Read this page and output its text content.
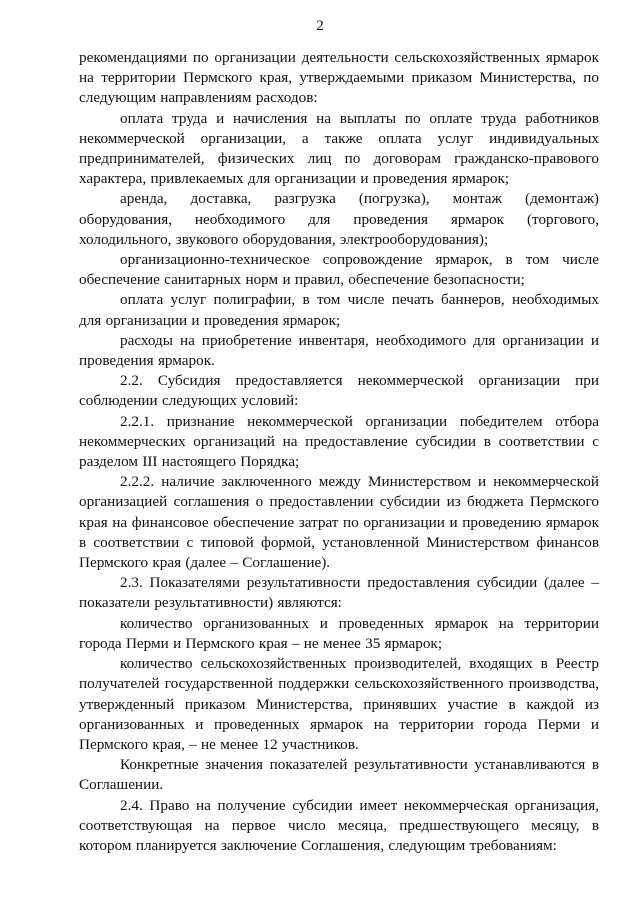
2

рекомендациями по организации деятельности сельскохозяйственных ярмарок на территории Пермского края, утверждаемыми приказом Министерства, по следующим направлениям расходов:

оплата труда и начисления на выплаты по оплате труда работников некоммерческой организации, а также оплата услуг индивидуальных предпринимателей, физических лиц по договорам гражданско-правового характера, привлекаемых для организации и проведения ярмарок;

аренда, доставка, разгрузка (погрузка), монтаж (демонтаж) оборудования, необходимого для проведения ярмарок (торгового, холодильного, звукового оборудования, электрооборудования);

организационно-техническое сопровождение ярмарок, в том числе обеспечение санитарных норм и правил, обеспечение безопасности;

оплата услуг полиграфии, в том числе печать баннеров, необходимых для организации и проведения ярмарок;

расходы на приобретение инвентаря, необходимого для организации и проведения ярмарок.

2.2. Субсидия предоставляется некоммерческой организации при соблюдении следующих условий:

2.2.1. признание некоммерческой организации победителем отбора некоммерческих организаций на предоставление субсидии в соответствии с разделом III настоящего Порядка;

2.2.2. наличие заключенного между Министерством и некоммерческой организацией соглашения о предоставлении субсидии из бюджета Пермского края на финансовое обеспечение затрат по организации и проведению ярмарок в соответствии с типовой формой, установленной Министерством финансов Пермского края (далее – Соглашение).

2.3. Показателями результативности предоставления субсидии (далее – показатели результативности) являются:

количество организованных и проведенных ярмарок на территории города Перми и Пермского края – не менее 35 ярмарок;

количество сельскохозяйственных производителей, входящих в Реестр получателей государственной поддержки сельскохозяйственного производства, утвержденный приказом Министерства, принявших участие в каждой из организованных и проведенных ярмарок на территории города Перми и Пермского края, – не менее 12 участников.

Конкретные значения показателей результативности устанавливаются в Соглашении.

2.4. Право на получение субсидии имеет некоммерческая организация, соответствующая на первое число месяца, предшествующего месяцу, в котором планируется заключение Соглашения, следующим требованиям:
